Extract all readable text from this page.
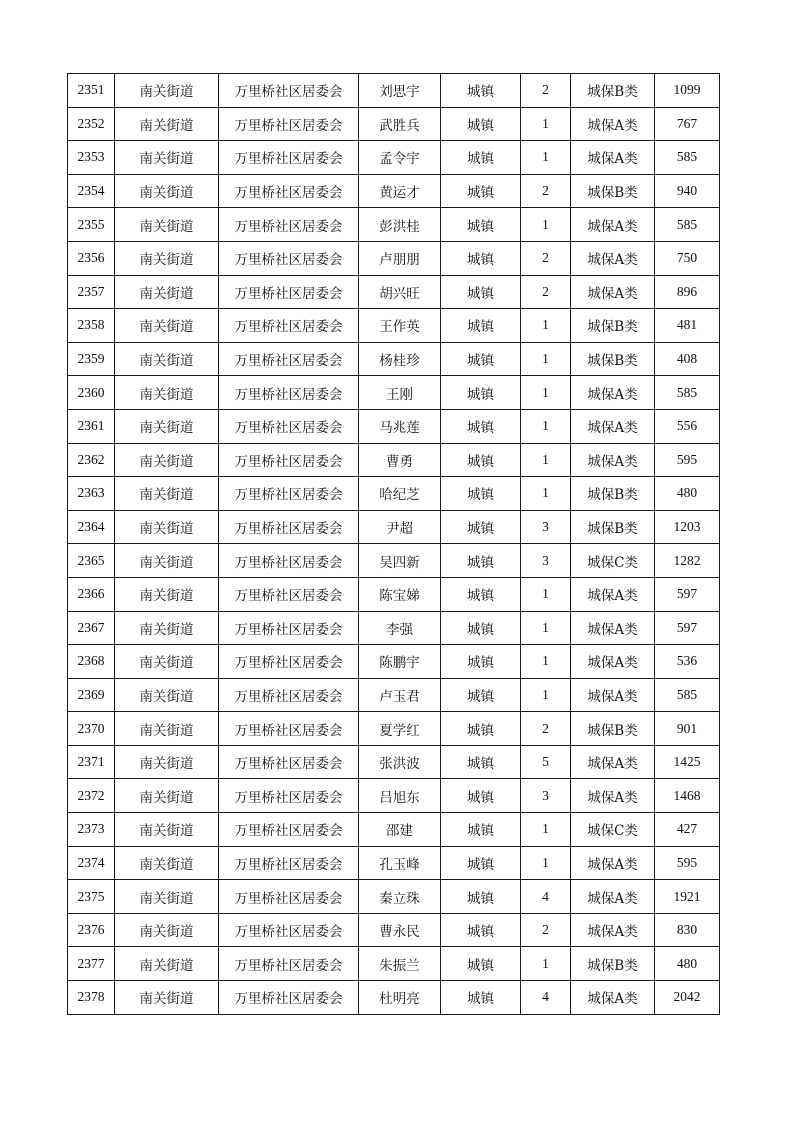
2351	南关街道	万里桥社区居委会	刘思宇	城镇	2	城保B类	1099
2352	南关街道	万里桥社区居委会	武胜兵	城镇	1	城保A类	767
2353	南关街道	万里桥社区居委会	孟令宇	城镇	1	城保A类	585
2354	南关街道	万里桥社区居委会	黄运才	城镇	2	城保B类	940
2355	南关街道	万里桥社区居委会	彭洪桂	城镇	1	城保A类	585
2356	南关街道	万里桥社区居委会	卢朋朋	城镇	2	城保A类	750
2357	南关街道	万里桥社区居委会	胡兴旺	城镇	2	城保A类	896
2358	南关街道	万里桥社区居委会	王作英	城镇	1	城保B类	481
2359	南关街道	万里桥社区居委会	杨桂珍	城镇	1	城保B类	408
2360	南关街道	万里桥社区居委会	王刚	城镇	1	城保A类	585
2361	南关街道	万里桥社区居委会	马兆莲	城镇	1	城保A类	556
2362	南关街道	万里桥社区居委会	曹勇	城镇	1	城保A类	595
2363	南关街道	万里桥社区居委会	哈纪芝	城镇	1	城保B类	480
2364	南关街道	万里桥社区居委会	尹超	城镇	3	城保B类	1203
2365	南关街道	万里桥社区居委会	吴四新	城镇	3	城保C类	1282
2366	南关街道	万里桥社区居委会	陈宝娣	城镇	1	城保A类	597
2367	南关街道	万里桥社区居委会	李强	城镇	1	城保A类	597
2368	南关街道	万里桥社区居委会	陈鹏宇	城镇	1	城保A类	536
2369	南关街道	万里桥社区居委会	卢玉君	城镇	1	城保A类	585
2370	南关街道	万里桥社区居委会	夏学红	城镇	2	城保B类	901
2371	南关街道	万里桥社区居委会	张洪波	城镇	5	城保A类	1425
2372	南关街道	万里桥社区居委会	吕旭东	城镇	3	城保A类	1468
2373	南关街道	万里桥社区居委会	邵建	城镇	1	城保C类	427
2374	南关街道	万里桥社区居委会	孔玉峰	城镇	1	城保A类	595
2375	南关街道	万里桥社区居委会	秦立珠	城镇	4	城保A类	1921
2376	南关街道	万里桥社区居委会	曹永民	城镇	2	城保A类	830
2377	南关街道	万里桥社区居委会	朱振兰	城镇	1	城保B类	480
2378	南关街道	万里桥社区居委会	杜明亮	城镇	4	城保A类	2042
